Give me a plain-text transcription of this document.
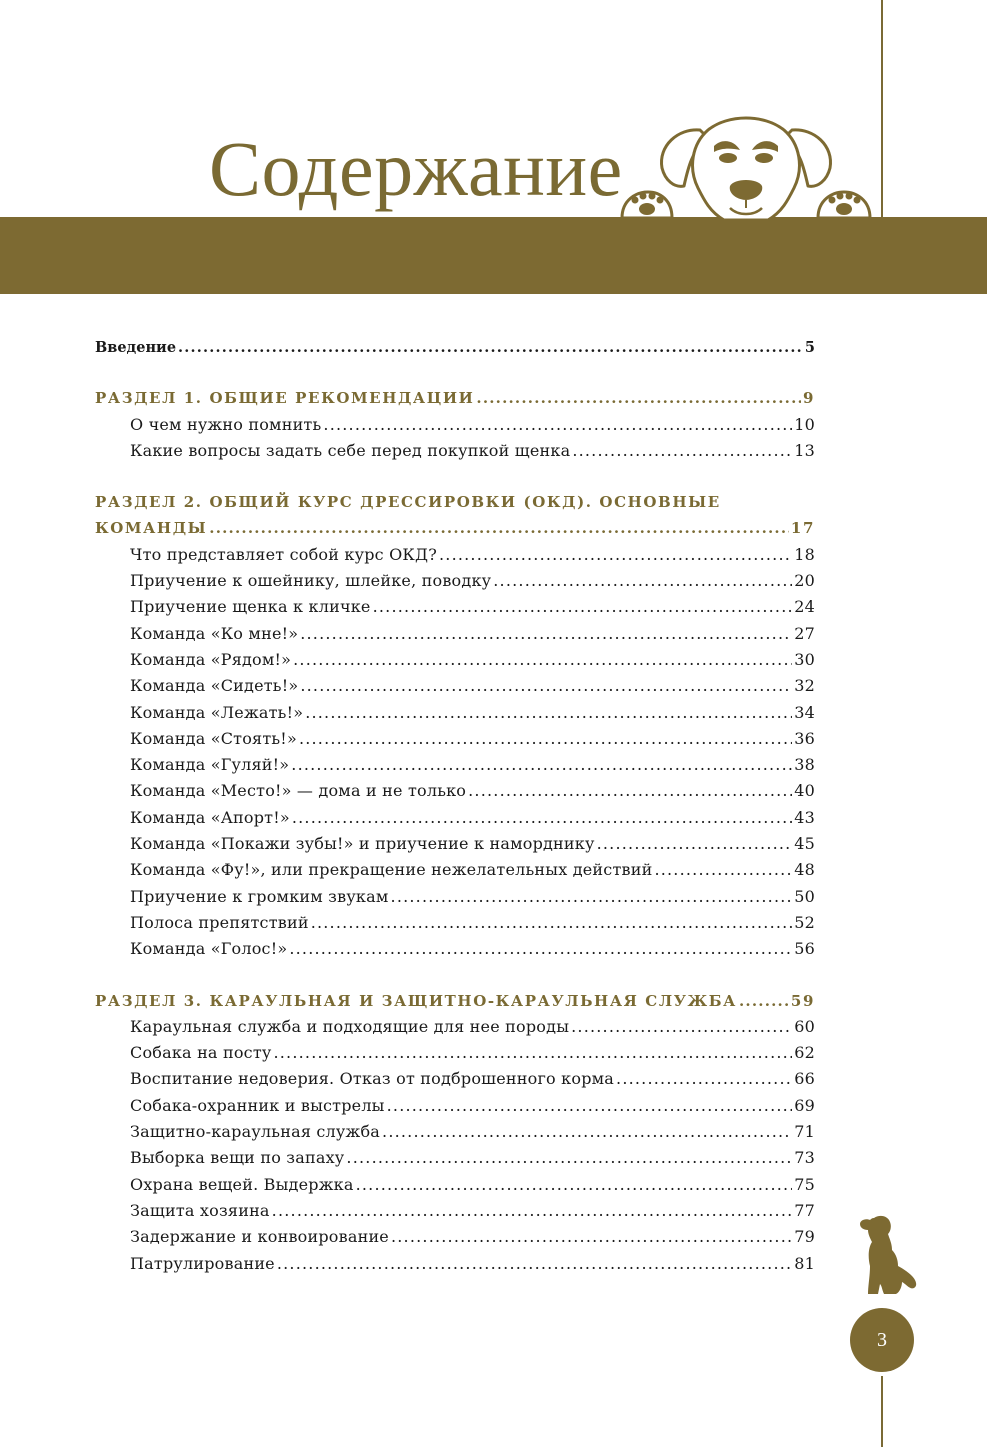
Содержание
Введение .....	5
РАЗДЕЛ 1. ОБЩИЕ РЕКОМЕНДАЦИИ .....	9
О чем нужно помнить .....	10
Какие вопросы задать себе перед покупкой щенка .....	13
РАЗДЕЛ 2. ОБЩИЙ КУРС ДРЕССИРОВКИ (ОКД). ОСНОВНЫЕ
КОМАНДЫ .....	17
Что представляет собой курс ОКД? .....	18
Приучение к ошейнику, шлейке, поводку .....	20
Приучение щенка к кличке .....	24
Команда «Ко мне!» .....	27
Команда «Рядом!» .....	30
Команда «Сидеть!» .....	32
Команда «Лежать!» .....	34
Команда «Стоять!» .....	36
Команда «Гуляй!» .....	38
Команда «Место!» — дома и не только .....	40
Команда «Апорт!» .....	43
Команда «Покажи зубы!» и приучение к наморднику .....	45
Команда «Фу!», или прекращение нежелательных действий .....	48
Приучение к громким звукам .....	50
Полоса препятствий .....	52
Команда «Голос!» .....	56
РАЗДЕЛ 3. КАРАУЛЬНАЯ И ЗАЩИТНО-КАРАУЛЬНАЯ СЛУЖБА .....	59
Караульная служба и подходящие для нее породы .....	60
Собака на посту .....	62
Воспитание недоверия. Отказ от подброшенного корма .....	66
Собака-охранник и выстрелы .....	69
Защитно-караульная служба .....	71
Выборка вещи по запаху .....	73
Охрана вещей. Выдержка .....	75
Защита хозяина .....	77
Задержание и конвоирование .....	79
Патрулирование .....	81
3
